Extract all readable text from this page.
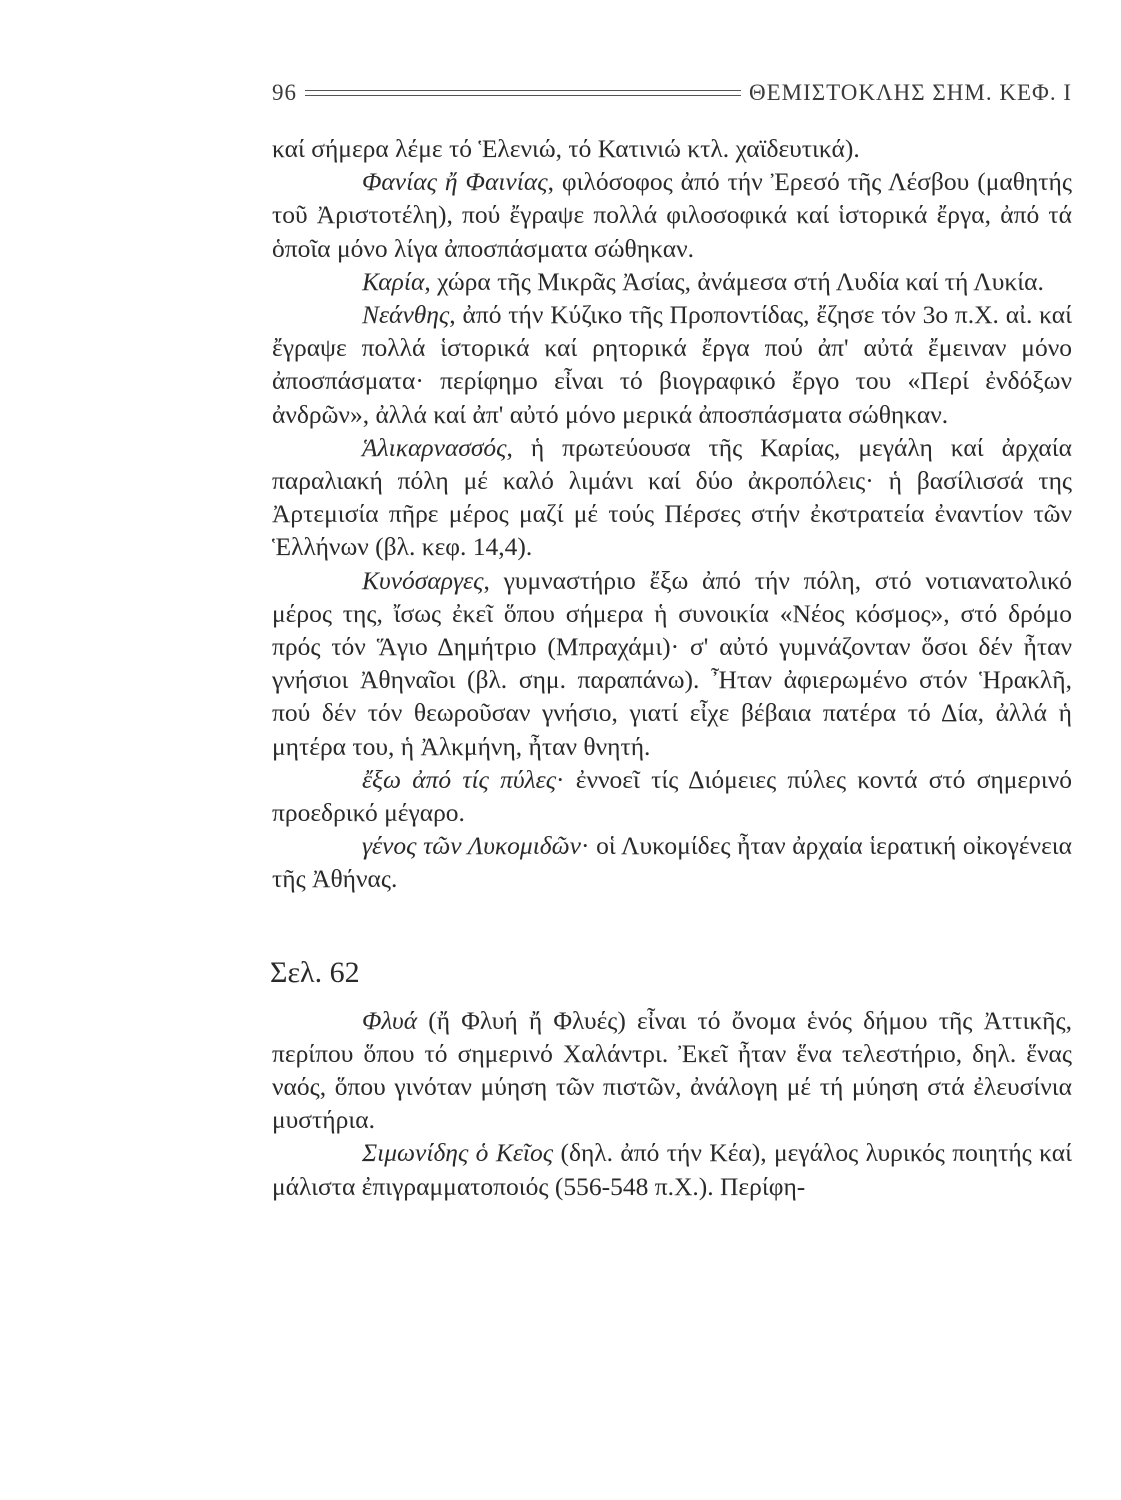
96	ΘΕΜΙΣΤΟΚΛΗΣ ΣΗΜ. ΚΕΦ. I

καί σήμερα λέμε τό Ἑλενιώ, τό Κατινιώ κτλ. χαϊδευτικά).

Φανίας ἤ Φαινίας, φιλόσοφος ἀπό τήν Ἐρεσό τῆς Λέσβου (μαθητής τοῦ Ἀριστοτέλη), πού ἔγραψε πολλά φιλοσοφικά καί ἱστορικά ἔργα, ἀπό τά ὁποῖα μόνο λίγα ἀποσπάσματα σώθηκαν.

Καρία, χώρα τῆς Μικρᾶς Ἀσίας, ἀνάμεσα στή Λυδία καί τή Λυκία.

Νεάνθης, ἀπό τήν Κύζικο τῆς Προποντίδας, ἔζησε τόν 3ο π.Χ. αἰ. καί ἔγραψε πολλά ἱστορικά καί ρητορικά ἔργα πού ἀπ' αὐτά ἔμειναν μόνο ἀποσπάσματα· περίφημο εἶναι τό βιογραφικό ἔργο του «Περί ἐνδόξων ἀνδρῶν», ἀλλά καί ἀπ' αὐτό μόνο μερικά ἀποσπάσματα σώθηκαν.

Ἁλικαρνασσός, ἡ πρωτεύουσα τῆς Καρίας, μεγάλη καί ἀρχαία παραλιακή πόλη μέ καλό λιμάνι καί δύο ἀκροπόλεις· ἡ βασίλισσά της Ἀρτεμισία πῆρε μέρος μαζί μέ τούς Πέρσες στήν ἐκστρατεία ἐναντίον τῶν Ἑλλήνων (βλ. κεφ. 14,4).

Κυνόσαργες, γυμναστήριο ἔξω ἀπό τήν πόλη, στό νοτιανατολικό μέρος της, ἴσως ἐκεῖ ὅπου σήμερα ἡ συνοικία «Νέος κόσμος», στό δρόμο πρός τόν Ἅγιο Δημήτριο (Μπραχάμι)· σ' αὐτό γυμνάζονταν ὅσοι δέν ἦταν γνήσιοι Ἀθηναῖοι (βλ. σημ. παραπάνω). Ἦταν ἀφιερωμένο στόν Ἡρακλῆ, πού δέν τόν θεωροῦσαν γνήσιο, γιατί εἶχε βέβαια πατέρα τό Δία, ἀλλά ἡ μητέρα του, ἡ Ἀλκμήνη, ἦταν θνητή.

ἔξω ἀπό τίς πύλες· ἐννοεῖ τίς Διόμειες πύλες κοντά στό σημερινό προεδρικό μέγαρο.

γένος τῶν Λυκομιδῶν· οἱ Λυκομίδες ἦταν ἀρχαία ἱερατική οἰκογένεια τῆς Ἀθήνας.

Σελ. 62

Φλυά (ἤ Φλυή ἤ Φλυές) εἶναι τό ὄνομα ἑνός δήμου τῆς Ἀττικῆς, περίπου ὅπου τό σημερινό Χαλάντρι. Ἐκεῖ ἦταν ἕνα τελεστήριο, δηλ. ἕνας ναός, ὅπου γινόταν μύηση τῶν πιστῶν, ἀνάλογη μέ τή μύηση στά ἐλευσίνια μυστήρια.

Σιμωνίδης ὁ Κεῖος (δηλ. ἀπό τήν Κέα), μεγάλος λυρικός ποιητής καί μάλιστα ἐπιγραμματοποιός (556-548 π.Χ.). Περίφη-
